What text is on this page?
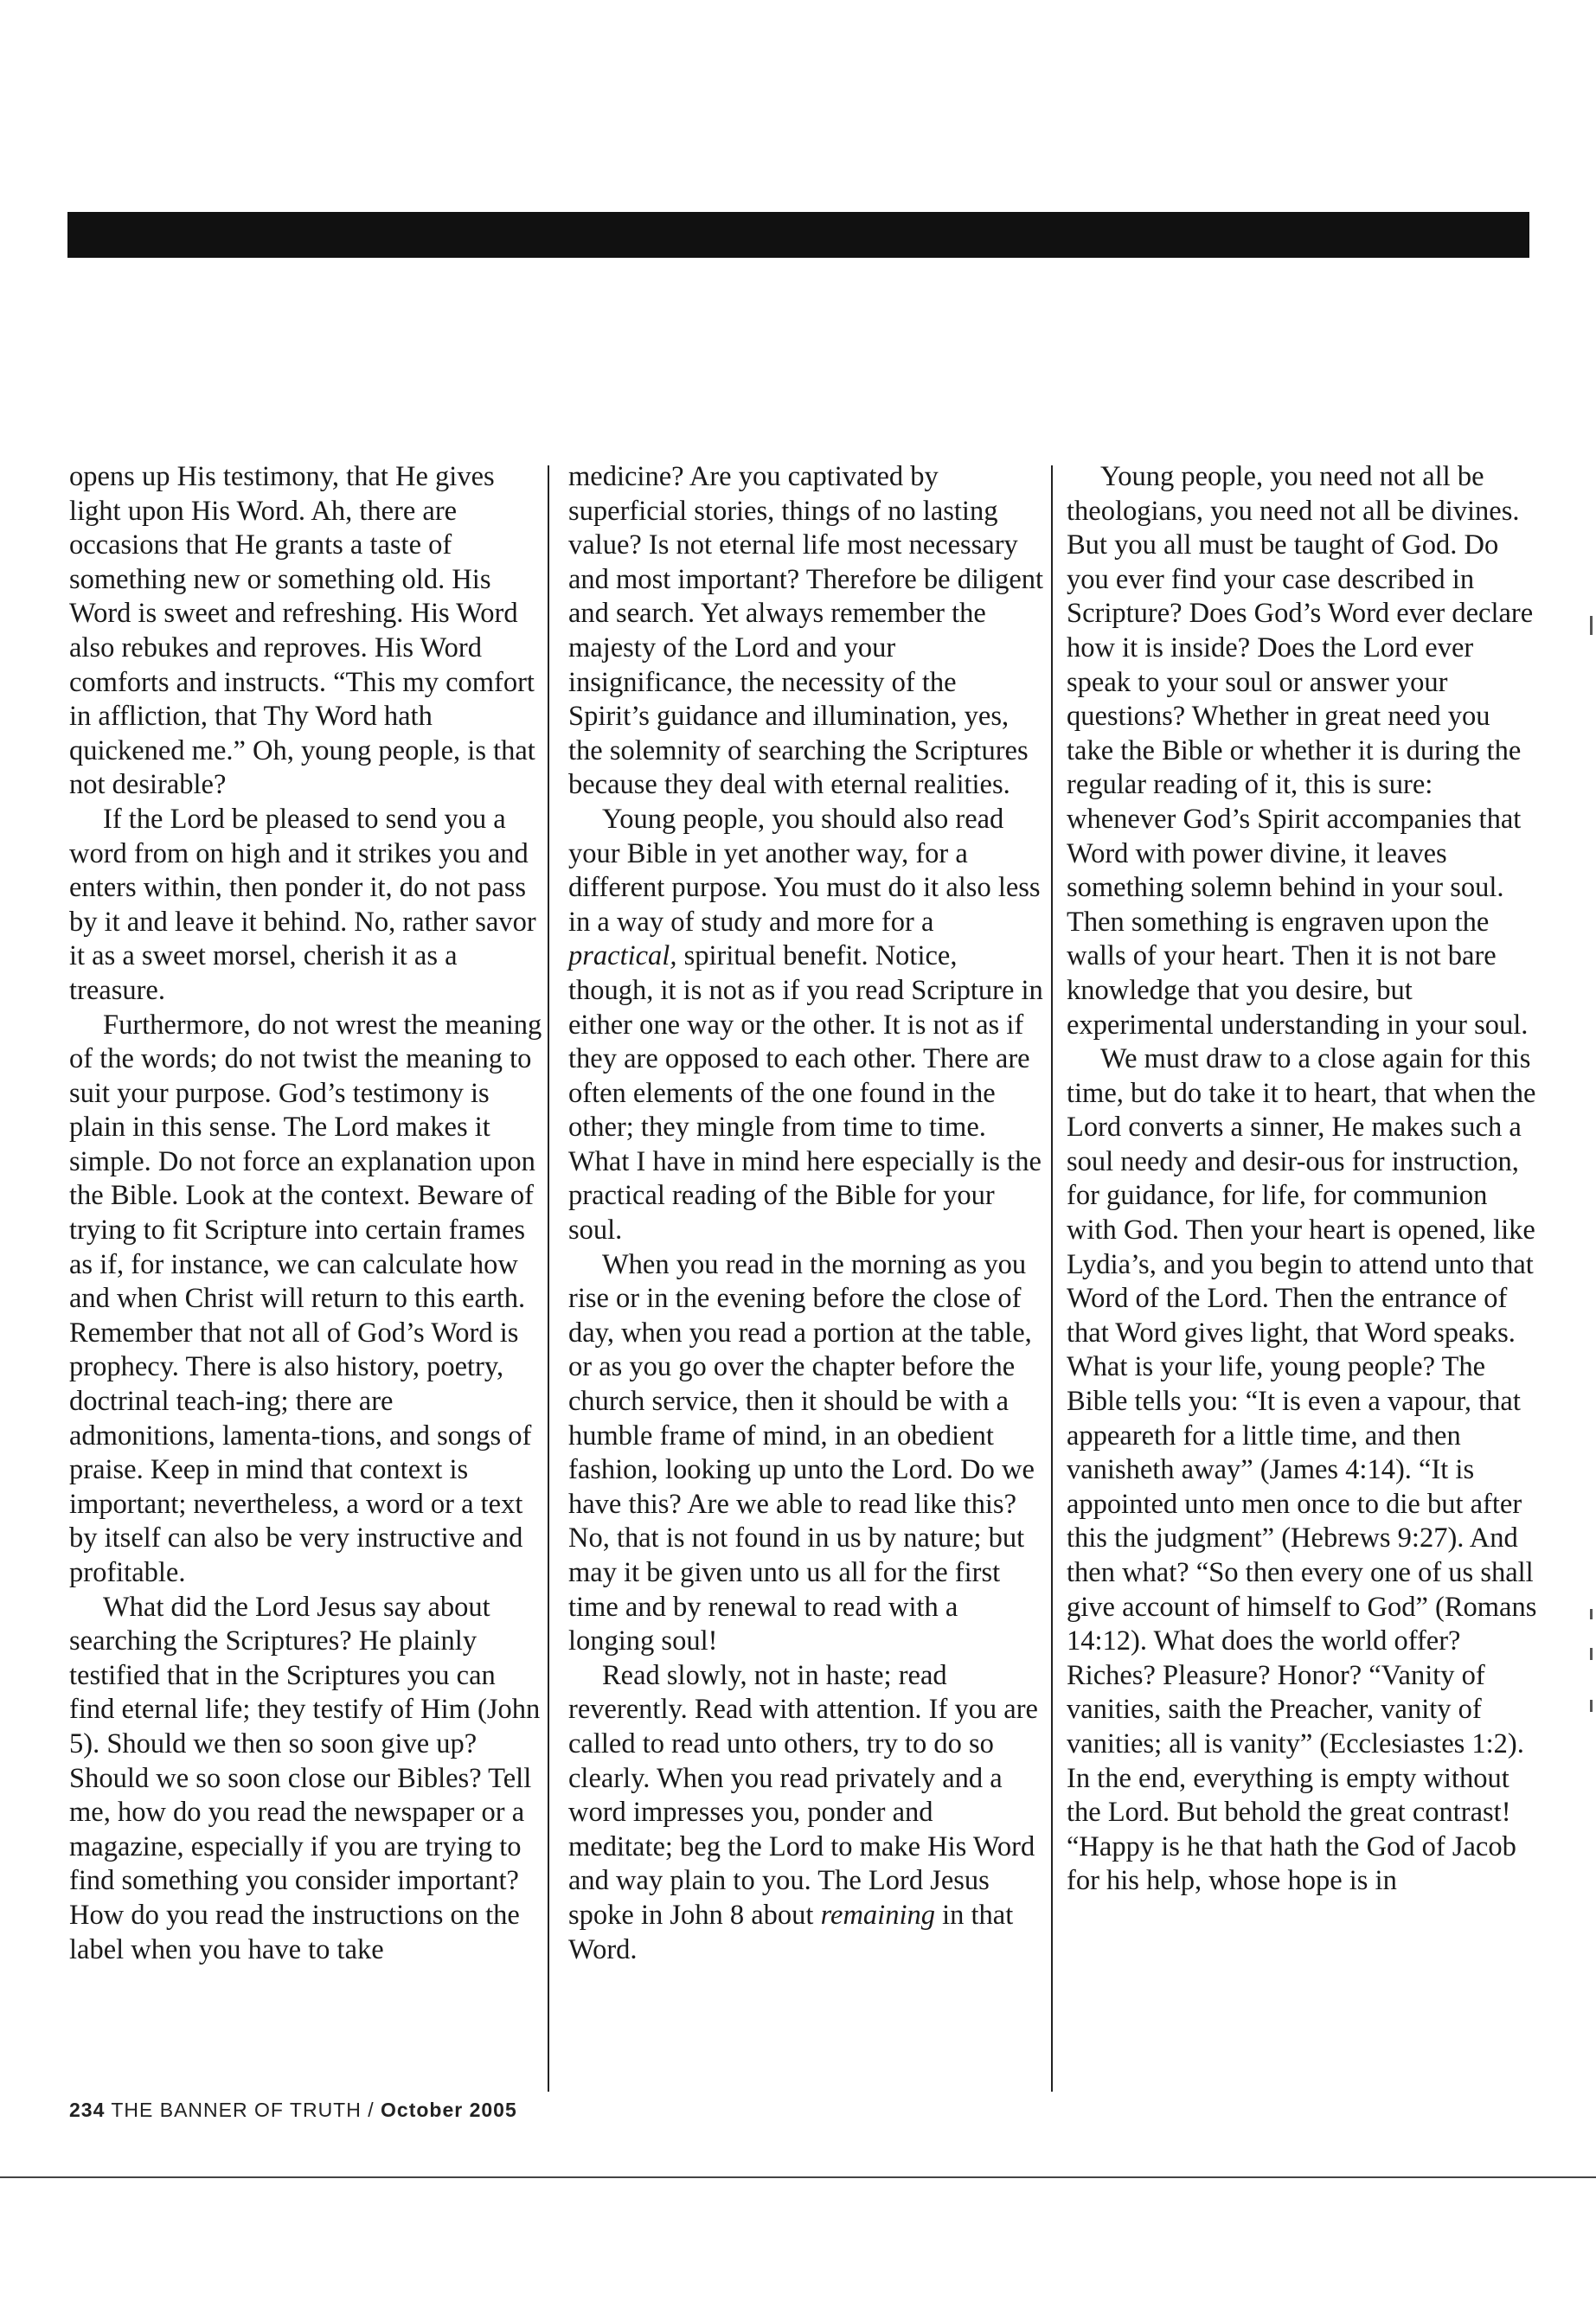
opens up His testimony, that He gives light upon His Word. Ah, there are occasions that He grants a taste of something new or something old. His Word is sweet and refreshing. His Word also rebukes and reproves. His Word comforts and instructs. “This my comfort in affliction, that Thy Word hath quickened me.” Oh, young people, is that not desirable?

If the Lord be pleased to send you a word from on high and it strikes you and enters within, then ponder it, do not pass by it and leave it behind. No, rather savor it as a sweet morsel, cherish it as a treasure.

Furthermore, do not wrest the meaning of the words; do not twist the meaning to suit your purpose. God’s testimony is plain in this sense. The Lord makes it simple. Do not force an explanation upon the Bible. Look at the context. Beware of trying to fit Scripture into certain frames as if, for instance, we can calculate how and when Christ will return to this earth. Remember that not all of God’s Word is prophecy. There is also history, poetry, doctrinal teach-ing; there are admonitions, lamenta-tions, and songs of praise. Keep in mind that context is important; nevertheless, a word or a text by itself can also be very instructive and profitable.

What did the Lord Jesus say about searching the Scriptures? He plainly testified that in the Scriptures you can find eternal life; they testify of Him (John 5). Should we then so soon give up? Should we so soon close our Bibles? Tell me, how do you read the newspaper or a magazine, especially if you are trying to find something you consider important? How do you read the instructions on the label when you have to take

medicine? Are you captivated by superficial stories, things of no lasting value? Is not eternal life most necessary and most important? Therefore be diligent and search. Yet always remember the majesty of the Lord and your insignificance, the necessity of the Spirit’s guidance and illumination, yes, the solemnity of searching the Scriptures because they deal with eternal realities.

Young people, you should also read your Bible in yet another way, for a different purpose. You must do it also less in a way of study and more for a practical, spiritual benefit. Notice, though, it is not as if you read Scripture in either one way or the other. It is not as if they are opposed to each other. There are often elements of the one found in the other; they mingle from time to time. What I have in mind here especially is the practical reading of the Bible for your soul.

When you read in the morning as you rise or in the evening before the close of day, when you read a portion at the table, or as you go over the chapter before the church service, then it should be with a humble frame of mind, in an obedient fashion, looking up unto the Lord. Do we have this? Are we able to read like this? No, that is not found in us by nature; but may it be given unto us all for the first time and by renewal to read with a longing soul!

Read slowly, not in haste; read reverently. Read with attention. If you are called to read unto others, try to do so clearly. When you read privately and a word impresses you, ponder and meditate; beg the Lord to make His Word and way plain to you. The Lord Jesus spoke in John 8 about remaining in that Word.

Young people, you need not all be theologians, you need not all be divines. But you all must be taught of God. Do you ever find your case described in Scripture? Does God’s Word ever declare how it is inside? Does the Lord ever speak to your soul or answer your questions? Whether in great need you take the Bible or whether it is during the regular reading of it, this is sure: whenever God’s Spirit accompanies that Word with power divine, it leaves something solemn behind in your soul. Then something is engraven upon the walls of your heart. Then it is not bare knowledge that you desire, but experimental understanding in your soul.

We must draw to a close again for this time, but do take it to heart, that when the Lord converts a sinner, He makes such a soul needy and desir-ous for instruction, for guidance, for life, for communion with God. Then your heart is opened, like Lydia’s, and you begin to attend unto that Word of the Lord. Then the entrance of that Word gives light, that Word speaks. What is your life, young people? The Bible tells you: “It is even a vapour, that appeareth for a little time, and then vanisheth away” (James 4:14). “It is appointed unto men once to die but after this the judgment” (Hebrews 9:27). And then what? “So then every one of us shall give account of himself to God” (Romans 14:12). What does the world offer? Riches? Pleasure? Honor? “Vanity of vanities, saith the Preacher, vanity of vanities; all is vanity” (Ecclesiastes 1:2). In the end, everything is empty without the Lord. But behold the great contrast! “Happy is he that hath the God of Jacob for his help, whose hope is in

234 THE BANNER OF TRUTH / October 2005
